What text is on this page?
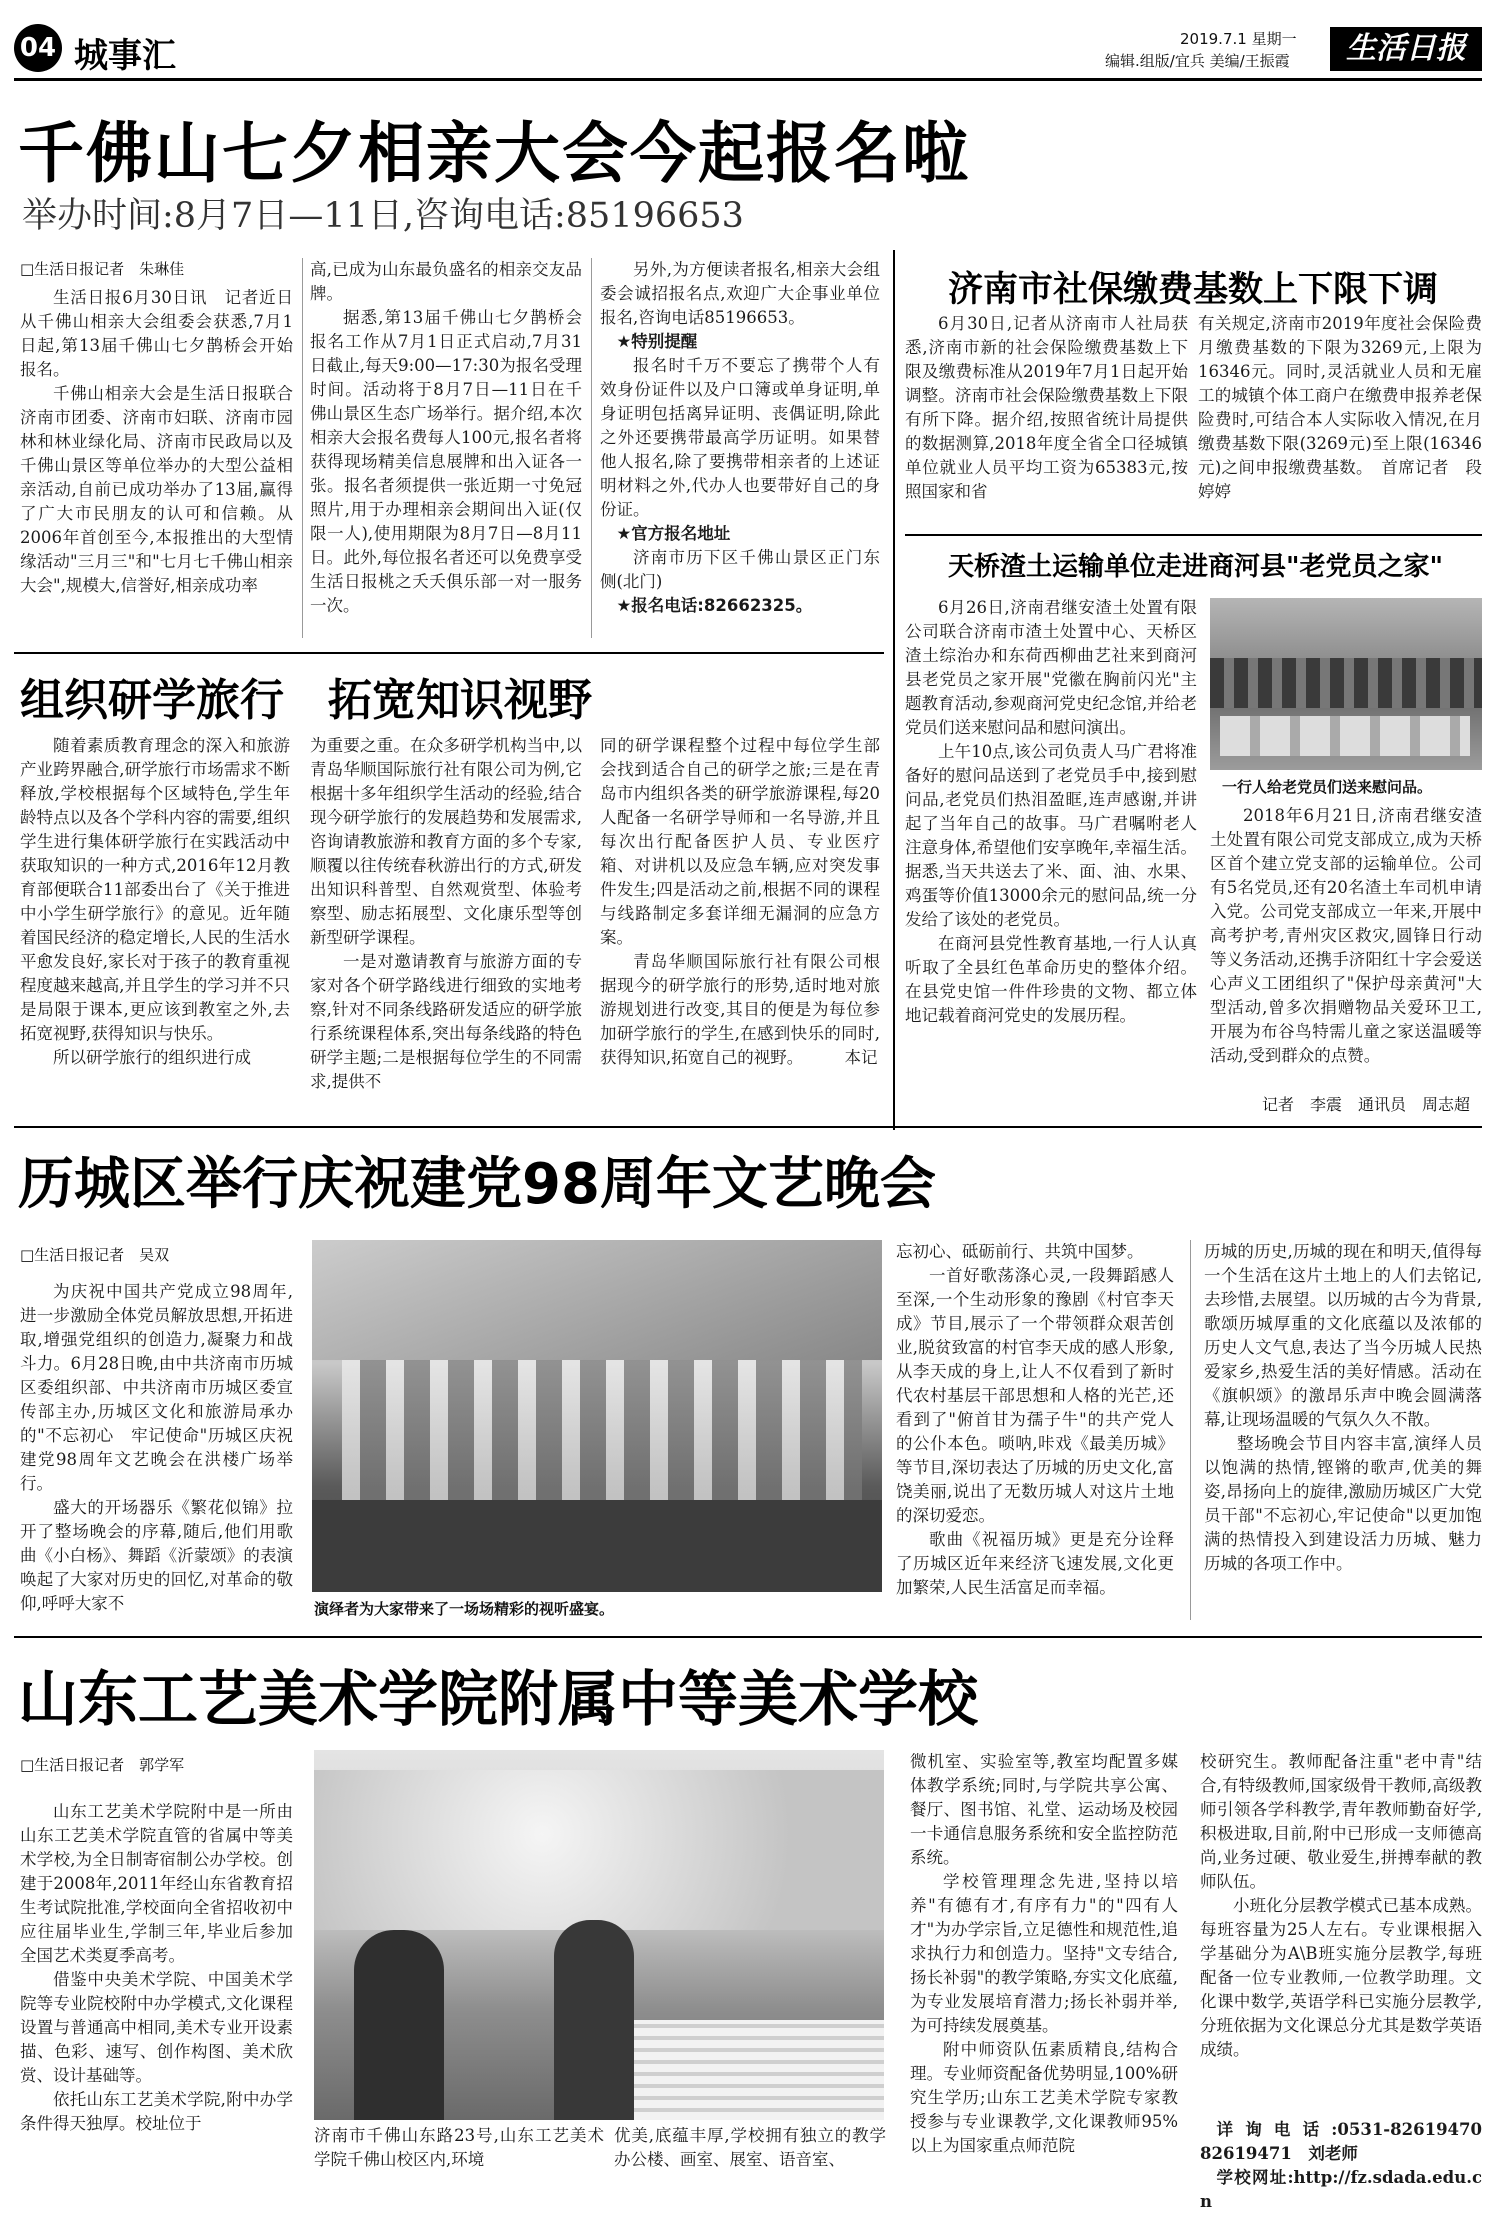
04 城事汇	2019.7.1 星期一
编辑.组版/宜兵 美编/王振霞	生活日报
千佛山七夕相亲大会今起报名啦
举办时间:8月7日—11日,咨询电话:85196653
□生活日报记者　朱琳佳

生活日报6月30日讯　记者近日从千佛山相亲大会组委会获悉,7月1日起,第13届千佛山七夕鹊桥会开始报名。

千佛山相亲大会是生活日报联合济南市团委、济南市妇联、济南市园林和林业绿化局、济南市民政局以及千佛山景区等单位举办的大型公益相亲活动,自前已成功举办了13届,赢得了广大市民朋友的认可和信赖。从2006年首创至今,本报推出的大型情缘活动"三月三"和"七月七千佛山相亲大会",规模大,信誉好,相亲成功率

高,已成为山东最负盛名的相亲交友品牌。

据悉,第13届千佛山七夕鹊桥会报名工作从7月1日正式启动,7月31日截止,每天9:00—17:30为报名受理时间。活动将于8月7日—11日在千佛山景区生态广场举行。据介绍,本次相亲大会报名费每人100元,报名者将获得现场精美信息展牌和出入证各一张。报名者须提供一张近期一寸免冠照片,用于办理相亲会期间出入证(仅限一人),使用期限为8月7日—8月11日。此外,每位报名者还可以免费享受生活日报桃之夭夭俱乐部一对一服务一次。

另外,为方便读者报名,相亲大会组委会诚招报名点,欢迎广大企事业单位报名,咨询电话85196653。

★特别提醒

报名时千万不要忘了携带个人有效身份证件以及户口簿或单身证明,单身证明包括离异证明、丧偶证明,除此之外还要携带最高学历证明。如果替他人报名,除了要携带相亲者的上述证明材料之外,代办人也要带好自己的身份证。

★官方报名地址

济南市历下区千佛山景区正门东侧(北门)

★报名电话:82662325。

济南市社保缴费基数上下限下调

6月30日,记者从济南市人社局获悉,济南市新的社会保险缴费基数上下限及缴费标准从2019年7月1日起开始调整。济南市社会保险缴费基数上下限有所下降。据介绍,按照省统计局提供的数据测算,2018年度全省全口径城镇单位就业人员平均工资为65383元,按照国家和省

有关规定,济南市2019年度社会保险费月缴费基数的下限为3269元,上限为16346元。同时,灵活就业人员和无雇工的城镇个体工商户在缴费申报养老保险费时,可结合本人实际收入情况,在月缴费基数下限(3269元)至上限(16346元)之间申报缴费基数。　首席记者　段婷婷

天桥渣土运输单位走进商河县"老党员之家"

6月26日,济南君继安渣土处置有限公司联合济南市渣土处置中心、天桥区渣土综治办和东荷西柳曲艺社来到商河县老党员之家开展"党徽在胸前闪光"主题教育活动,参观商河党史纪念馆,并给老党员们送来慰问品和慰问演出。

上午10点,该公司负责人马广君将准备好的慰问品送到了老党员手中,接到慰问品,老党员们热泪盈眶,连声感谢,并讲起了当年自己的故事。马广君嘱咐老人注意身体,希望他们安享晚年,幸福生活。据悉,当天共送去了米、面、油、水果、鸡蛋等价值13000余元的慰问品,统一分发给了该处的老党员。

在商河县党性教育基地,一行人认真听取了全县红色革命历史的整体介绍。在县党史馆一件件珍贵的文物、都立体地记载着商河党史的发展历程。

一行人给老党员们送来慰问品。

2018年6月21日,济南君继安渣土处置有限公司党支部成立,成为天桥区首个建立党支部的运输单位。公司有5名党员,还有20名渣土车司机申请入党。公司党支部成立一年来,开展中高考护考,青州灾区救灾,圆锋日行动等义务活动,还携手济阳红十字会爱送心声义工团组织了"保护母亲黄河"大型活动,曾多次捐赠物品关爱环卫工,开展为布谷鸟特需儿童之家送温暖等活动,受到群众的点赞。

记者　李震　通讯员　周志超
组织研学旅行　拓宽知识视野

随着素质教育理念的深入和旅游产业跨界融合,研学旅行市场需求不断释放,学校根据每个区域特色,学生年龄特点以及各个学科内容的需要,组织学生进行集体研学旅行在实践活动中获取知识的一种方式,2016年12月教育部便联合11部委出台了《关于推进中小学生研学旅行》的意见。近年随着国民经济的稳定增长,人民的生活水平愈发良好,家长对于孩子的教育重视程度越来越高,并且学生的学习并不只是局限于课本,更应该到教室之外,去拓宽视野,获得知识与快乐。

所以研学旅行的组织进行成

为重要之重。在众多研学机构当中,以青岛华顺国际旅行社有限公司为例,它根据十多年组织学生活动的经验,结合现今研学旅行的发展趋势和发展需求,咨询请教旅游和教育方面的多个专家,顺覆以往传统春秋游出行的方式,研发出知识科普型、自然观赏型、体验考察型、励志拓展型、文化康乐型等创新型研学课程。

一是对邀请教育与旅游方面的专家对各个研学路线进行细致的实地考察,针对不同条线路研发适应的研学旅行系统课程体系,突出每条线路的特色研学主题;二是根据每位学生的不同需求,提供不

同的研学课程整个过程中每位学生部会找到适合自己的研学之旅;三是在青岛市内组织各类的研学旅游课程,每20人配备一名研学导师和一名导游,并且每次出行配备医护人员、专业医疗箱、对讲机以及应急车辆,应对突发事件发生;四是活动之前,根据不同的课程与线路制定多套详细无漏洞的应急方案。

青岛华顺国际旅行社有限公司根据现今的研学旅行的形势,适时地对旅游规划进行改变,其目的便是为每位参加研学旅行的学生,在感到快乐的同时,获得知识,拓宽自己的视野。　　　本记

历城区举行庆祝建党98周年文艺晚会
□生活日报记者　吴双

为庆祝中国共产党成立98周年,进一步激励全体党员解放思想,开拓进取,增强党组织的创造力,凝聚力和战斗力。6月28日晚,由中共济南市历城区委组织部、中共济南市历城区委宣传部主办,历城区文化和旅游局承办的"不忘初心　牢记使命"历城区庆祝建党98周年文艺晚会在洪楼广场举行。

盛大的开场器乐《繁花似锦》拉开了整场晚会的序幕,随后,他们用歌曲《小白杨》、舞蹈《沂蒙颂》的表演唤起了大家对历史的回忆,对革命的敬仰,呼呼大家不	演绎者为大家带来了一场场精彩的视听盛宴。

忘初心、砥砺前行、共筑中国梦。

一首好歌荡涤心灵,一段舞蹈感人至深,一个生动形象的豫剧《村官李天成》节目,展示了一个带领群众艰苦创业,脱贫致富的村官李天成的感人形象,从李天成的身上,让人不仅看到了新时代农村基层干部思想和人格的光芒,还看到了"俯首甘为孺子牛"的共产党人的公仆本色。唢呐,咔戏《最美历城》等节目,深切表达了历城的历史文化,富饶美丽,说出了无数历城人对这片土地的深切爱恋。

歌曲《祝福历城》更是充分诠释了历城区近年来经济飞速发展,文化更加繁荣,人民生活富足而幸福。

历城的历史,历城的现在和明天,值得每一个生活在这片土地上的人们去铭记,去珍惜,去展望。以历城的古今为背景,歌颂历城厚重的文化底蕴以及浓郁的历史人文气息,表达了当今历城人民热爱家乡,热爱生活的美好情感。活动在《旗帜颂》的激昂乐声中晚会圆满落幕,让现场温暖的气氛久久不散。

整场晚会节目内容丰富,演绎人员以饱满的热情,铿锵的歌声,优美的舞姿,昂扬向上的旋律,激励历城区广大党员干部"不忘初心,牢记使命"以更加饱满的热情投入到建设活力历城、魅力历城的各项工作中。

山东工艺美术学院附属中等美术学校
□生活日报记者　郭学军

山东工艺美术学院附中是一所由山东工艺美术学院直管的省属中等美术学校,为全日制寄宿制公办学校。创建于2008年,2011年经山东省教育招生考试院批准,学校面向全省招收初中应往届毕业生,学制三年,毕业后参加全国艺术类夏季高考。

借鉴中央美术学院、中国美术学院等专业院校附中办学模式,文化课程设置与普通高中相同,美术专业开设素描、色彩、速写、创作构图、美术欣赏、设计基础等。

依托山东工艺美术学院,附中办学条件得天独厚。校址位于

济南市千佛山东路23号,山东工艺美术学院千佛山校区内,环境

优美,底蕴丰厚,学校拥有独立的教学办公楼、画室、展室、语音室、

微机室、实验室等,教室均配置多媒体教学系统;同时,与学院共享公寓、餐厅、图书馆、礼堂、运动场及校园一卡通信息服务系统和安全监控防范系统。

学校管理理念先进,坚持以培养"有德有才,有序有力"的"四有人才"为办学宗旨,立足德性和规范性,追求执行力和创造力。坚持"文专结合,扬长补弱"的教学策略,夯实文化底蕴,为专业发展培育潜力;扬长补弱并举,为可持续发展奠基。

附中师资队伍素质精良,结构合理。专业师资配备优势明显,100%研究生学历;山东工艺美术学院专家教授参与专业课教学,文化课教师95%以上为国家重点师范院

校研究生。教师配备注重"老中青"结合,有特级教师,国家级骨干教师,高级教师引领各学科教学,青年教师勤奋好学,积极进取,目前,附中已形成一支师德高尚,业务过硬、敬业爱生,拼搏奉献的教师队伍。

小班化分层教学模式已基本成熟。每班容量为25人左右。专业课根据入学基础分为A\B班实施分层教学,每班配备一位专业教师,一位教学助理。文化课中数学,英语学科已实施分层教学,分班依据为文化课总分尤其是数学英语成绩。

详询电话:0531-82619470　82619471　刘老师

学校网址:http://fz.sdada.edu.cn
